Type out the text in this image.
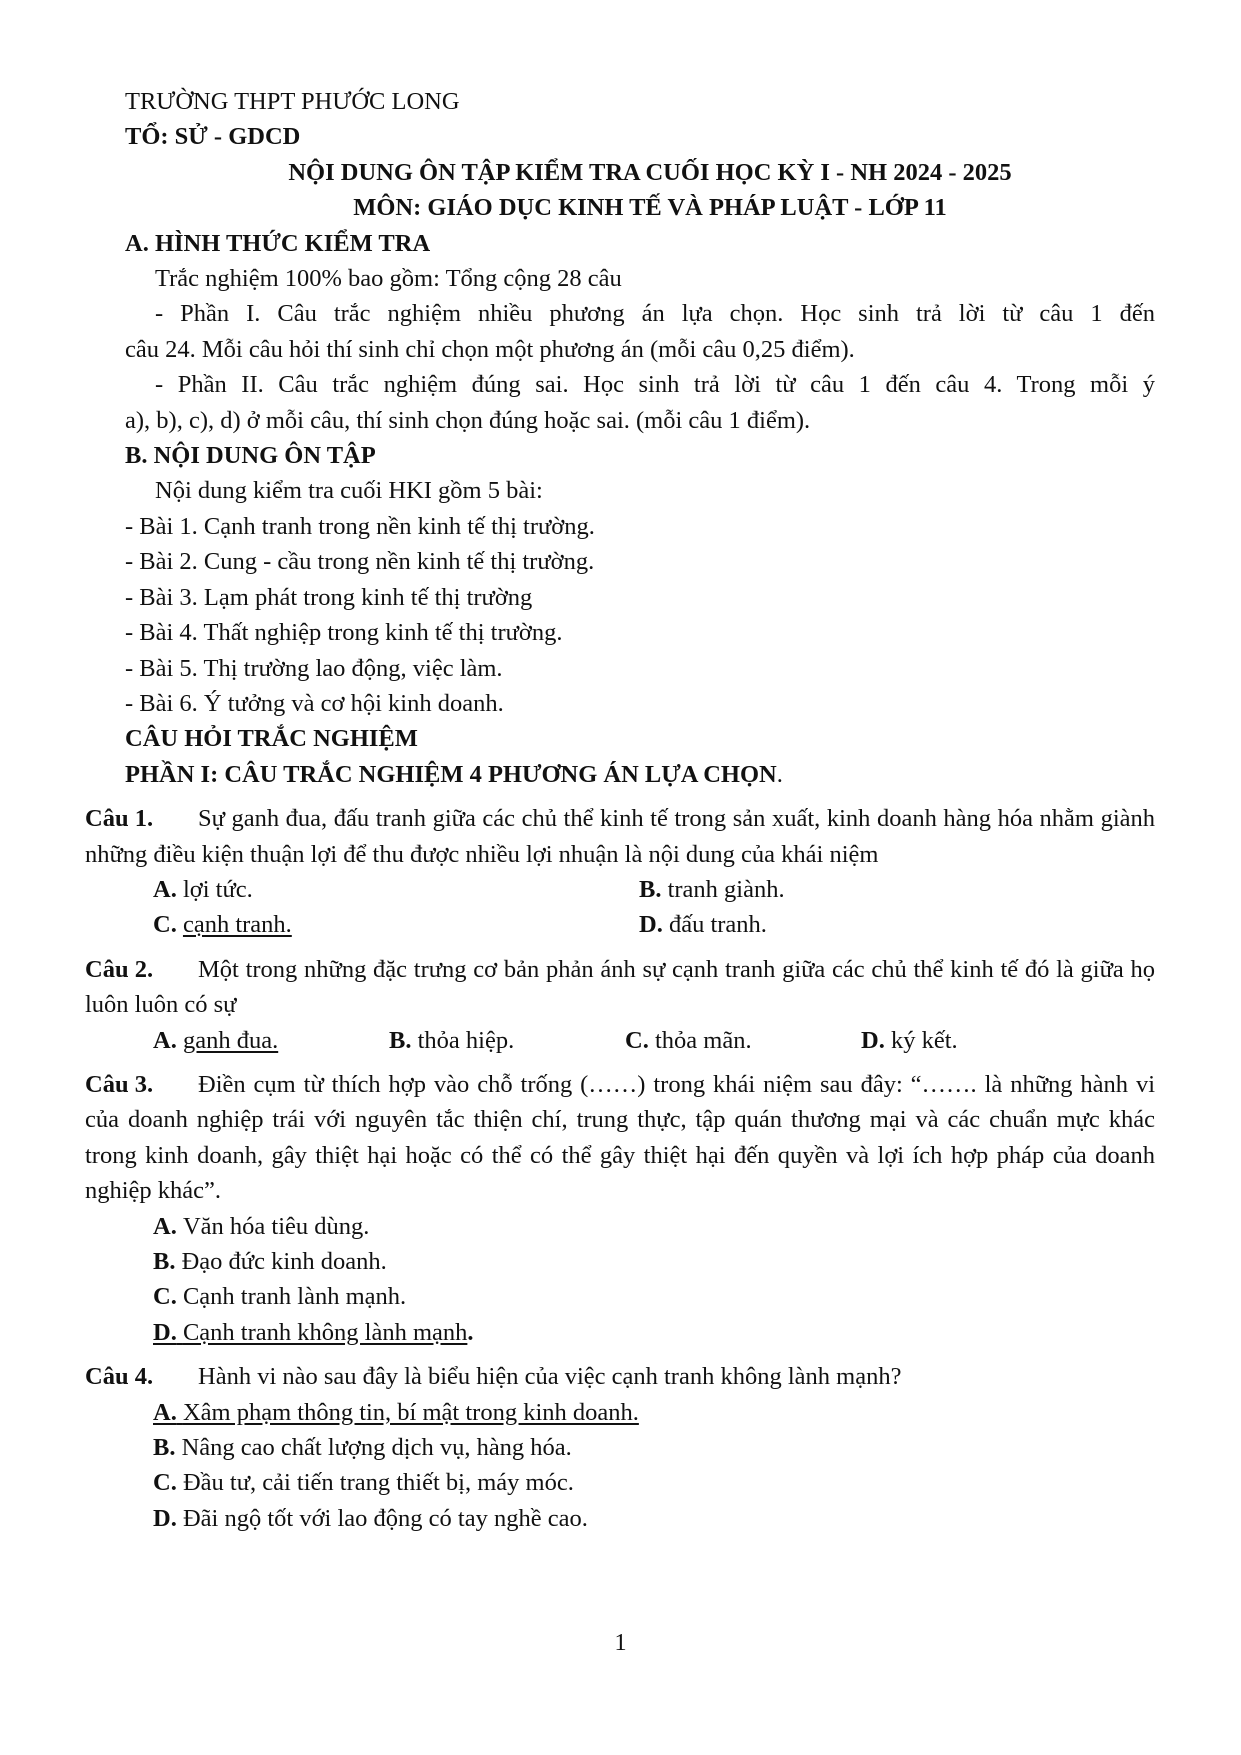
TRƯỜNG THPT PHƯỚC LONG
TỔ: SỬ - GDCD
NỘI DUNG ÔN TẬP KIỂM TRA CUỐI HỌC KỲ I - NH 2024 - 2025
MÔN: GIÁO DỤC KINH TẾ VÀ PHÁP LUẬT - LỚP 11
A. HÌNH THỨC KIỂM TRA
Trắc nghiệm 100% bao gồm: Tổng cộng 28 câu
- Phần I. Câu trắc nghiệm nhiều phương án lựa chọn. Học sinh trả lời từ câu 1 đến
câu 24. Mỗi câu hỏi thí sinh chỉ chọn một phương án (mỗi câu 0,25 điểm).
- Phần II. Câu trắc nghiệm đúng sai. Học sinh trả lời từ câu 1 đến câu 4. Trong mỗi ý
a), b), c), d) ở mỗi câu, thí sinh chọn đúng hoặc sai. (mỗi câu 1 điểm).
B. NỘI DUNG ÔN TẬP
Nội dung kiểm tra cuối HKI gồm 5 bài:
- Bài 1. Cạnh tranh trong nền kinh tế thị trường.
- Bài 2. Cung - cầu trong nền kinh tế thị trường.
- Bài 3. Lạm phát trong kinh tế thị trường
- Bài 4. Thất nghiệp trong kinh tế thị trường.
- Bài 5. Thị trường lao động, việc làm.
- Bài 6. Ý tưởng và cơ hội kinh doanh.
CÂU HỎI TRẮC NGHIỆM
PHẦN I: CÂU TRẮC NGHIỆM 4 PHƯƠNG ÁN LỰA CHỌN.
Câu 1. Sự ganh đua, đấu tranh giữa các chủ thể kinh tế trong sản xuất, kinh doanh hàng hóa nhằm giành những điều kiện thuận lợi để thu được nhiều lợi nhuận là nội dung của khái niệm
A. lợi tức.	B. tranh giành.
C. cạnh tranh.	D. đấu tranh.
Câu 2. Một trong những đặc trưng cơ bản phản ánh sự cạnh tranh giữa các chủ thể kinh tế đó là giữa họ luôn luôn có sự
A. ganh đua.	B. thỏa hiệp.	C. thỏa mãn.	D. ký kết.
Câu 3. Điền cụm từ thích hợp vào chỗ trống (……) trong khái niệm sau đây: “……. là những hành vi của doanh nghiệp trái với nguyên tắc thiện chí, trung thực, tập quán thương mại và các chuẩn mực khác trong kinh doanh, gây thiệt hại hoặc có thể có thể gây thiệt hại đến quyền và lợi ích hợp pháp của doanh nghiệp khác”.
A.
Văn hóa tiêu dùng.
B.
Đạo đức kinh doanh.
C.
Cạnh tranh lành mạnh.
D. Cạnh tranh không lành mạnh .
Câu 4. Hành vi nào sau đây là biểu hiện của việc cạnh tranh không lành mạnh?
A. Xâm phạm thông tin, bí mật trong kinh doanh.
B.
Nâng cao chất lượng dịch vụ, hàng hóa.
C.
Đầu tư, cải tiến trang thiết bị, máy móc.
D.
Đãi ngộ tốt với lao động có tay nghề cao.
1
